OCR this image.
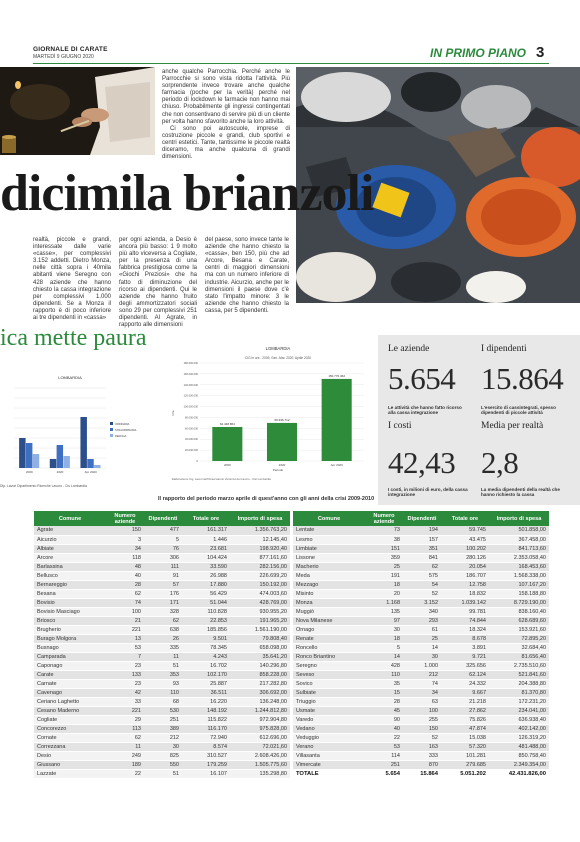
GIORNALE DI CARATE
MARTEDÌ 9 GIUGNO 2020	IN PRIMO PIANO 3

anche qualche Parrocchia. Perché anche le Parrocchie si sono vista ridotta l'attività. Più sorprendente invece trovare anche qualche farmacia (poche per la verità) perché nel periodo di lockdown le farmacie non hanno mai chiuso. Probabilmente gli ingressi contingentati che non consentivano di servire più di un cliente per volta hanno sfavorito anche la loro attività.

Ci sono poi autoscuole, imprese di costruzione piccole e grandi, club sportivi e centri estetici. Tante, tantissime le piccole realtà diceramo, ma anche qualcuna di grandi dimensioni.

dicimila brianzoli

realtà, piccole e grandi, interessate dalle varie «casse», per complessivi 3.152 addetti. Dietro Monza, nelle città sopra i 40mila abitanti viene Seregno con 428 aziende che hanno chiesto la cassa integrazione per complessivi 1.000 dipendenti. Se a Monza il rapporto è di poco inferiore ai tre dipendenti in «cassa»

per ogni azienda, a Desio è ancora più basso: 1 9 molto più alto viceversa a Cogliate, per la presenza di una fabbrica prestigiosa come la «Giochi Preziosi» che ha fatto di diminuzione del ricorso ai dipendenti. Qui le aziende che hanno fruito degli ammortizzatori sociali sono 29 per complessivi 251 dipendenti. Al Agrate, in rapporto alle dimensioni

del paese, sono invece tante le aziende che hanno chiesto la «cassa», ben 150, più che ad Arcore, Besana e Carate, centri di maggiori dimensioni ma con un numero inferiore di industrie. Aicurzio, anche per le dimensioni il paese dove c'è stato l'impatto minore: 3 le aziende che hanno chiesto la cassa, per 5 dipendenti.

ica mette paura
LOMBARDIA
2009	2020	Apr 2020
ORDINARIA
STRAORDINARIA
DEROGA
Dip. Lavori Dipartimento Ricerche Lavoro - Cis Lombardia
LOMBARDIA
CIG in ore - 2009, Gen.-Mar. 2020, Aprile 2020
Periodo
Ore
Elaborazione Cig, Lavori dell'Osservatorio Vertenza del Lavoro - Cisl Lombardia
0
20.000.000
40.000.000
60.000.000
80.000.000
100.000.000
120.000.000
140.000.000
160.000.000
180.000.000
62.448.864
2009
69.936.712
2020
150.770.462
Apr 2020
Le aziende
5.654
Le attività che hanno fatto ricorso alla cassa integrazione
I dipendenti
15.864
L'esercito di cassintegrati, spesso dipendenti di piccole attività
I costi
42,43
I costi, in milioni di euro, della cassa integrazione
Media per realtà
2,8
La media dipendenti della realtà che hanno richiesto la cassa
Il rapporto del periodo marzo aprile di quest'anno con gli anni della crisi 2009-2010
Comune	Numero aziende	Dipendenti	Totale ore	Importo di spesa
Agrate	150	477	161.317	1.356.763,20
Aicurzio	3	5	1.446	12.145,40
Albiate	34	76	23.681	198.920,40
Arcore	118	306	104.424	877.161,60
Barlassina	48	111	33.590	282.156,00
Bellusco	40	91	26.988	226.699,20
Bernareggio	28	57	17.880	150.192,00
Besana	62	176	56.429	474.003,60
Bovisio	74	171	51.044	428.769,00
Bovisio Masciago	100	328	110.828	930.955,20
Briosco	21	62	22.853	191.965,20
Brugherio	221	638	185.856	1.561.190,00
Burago Molgora	13	26	9.501	79.808,40
Busnago	53	335	78.345	658.098,00
Camparada	7	11	4.243	35.641,20
Caponago	23	51	16.702	140.296,80
Carate	133	353	102.170	858.228,00
Carnate	23	93	25.887	217.282,80
Cavenago	42	110	36.511	306.692,00
Ceriano Laghetto	33	68	16.220	136.248,00
Cesano Maderno	221	530	148.192	1.244.812,80
Cogliate	29	251	115.822	972.904,80
Concorezzo	113	389	116.170	975.828,00
Cornate	62	212	72.940	612.696,00
Correzzana	11	30	8.574	72.021,60
Desio	249	825	310.527	2.608.426,00
Giussano	189	550	179.259	1.505.775,60
Lazzate	22	51	16.107	135.298,80
Comune	Numero aziende	Dipendenti	Totale ore	Importo di spesa
Lentate	73	194	59.745	501.858,00
Lesmo	38	157	43.475	367.458,00
Limbiate	151	351	100.202	841.713,60
Lissone	359	841	280.126	2.353.058,40
Macherio	25	62	20.054	168.453,60
Meda	191	575	186.707	1.568.338,00
Mezzago	18	54	12.758	107.167,20
Misinto	20	52	18.832	158.188,80
Monza	1.168	3.152	1.039.142	8.729.190,00
Muggiò	135	340	99.781	838.160,40
Nova Milanese	97	293	74.844	628.689,60
Ornago	30	61	18.324	153.921,60
Renate	18	25	8.678	72.895,20
Roncello	5	14	3.891	32.684,40
Ronco Briantino	14	30	9.721	81.656,40
Seregno	428	1.000	325.656	2.735.510,60
Seveso	110	212	62.124	521.841,60
Sovico	35	74	24.332	204.388,80
Sulbiate	15	34	9.667	81.370,80
Triuggio	28	63	21.218	172.231,20
Usmate	45	100	27.862	234.041,00
Varedo	90	255	75.826	636.938,40
Vedano	40	150	47.874	402.142,00
Veduggio	22	52	15.038	126.319,20
Verano	53	163	57.320	481.488,00
Villasanta	114	333	101.281	850.758,40
Vimercate	251	870	279.685	2.349.354,00
TOTALE	5.654	15.864	5.051.202	42.431.826,00
